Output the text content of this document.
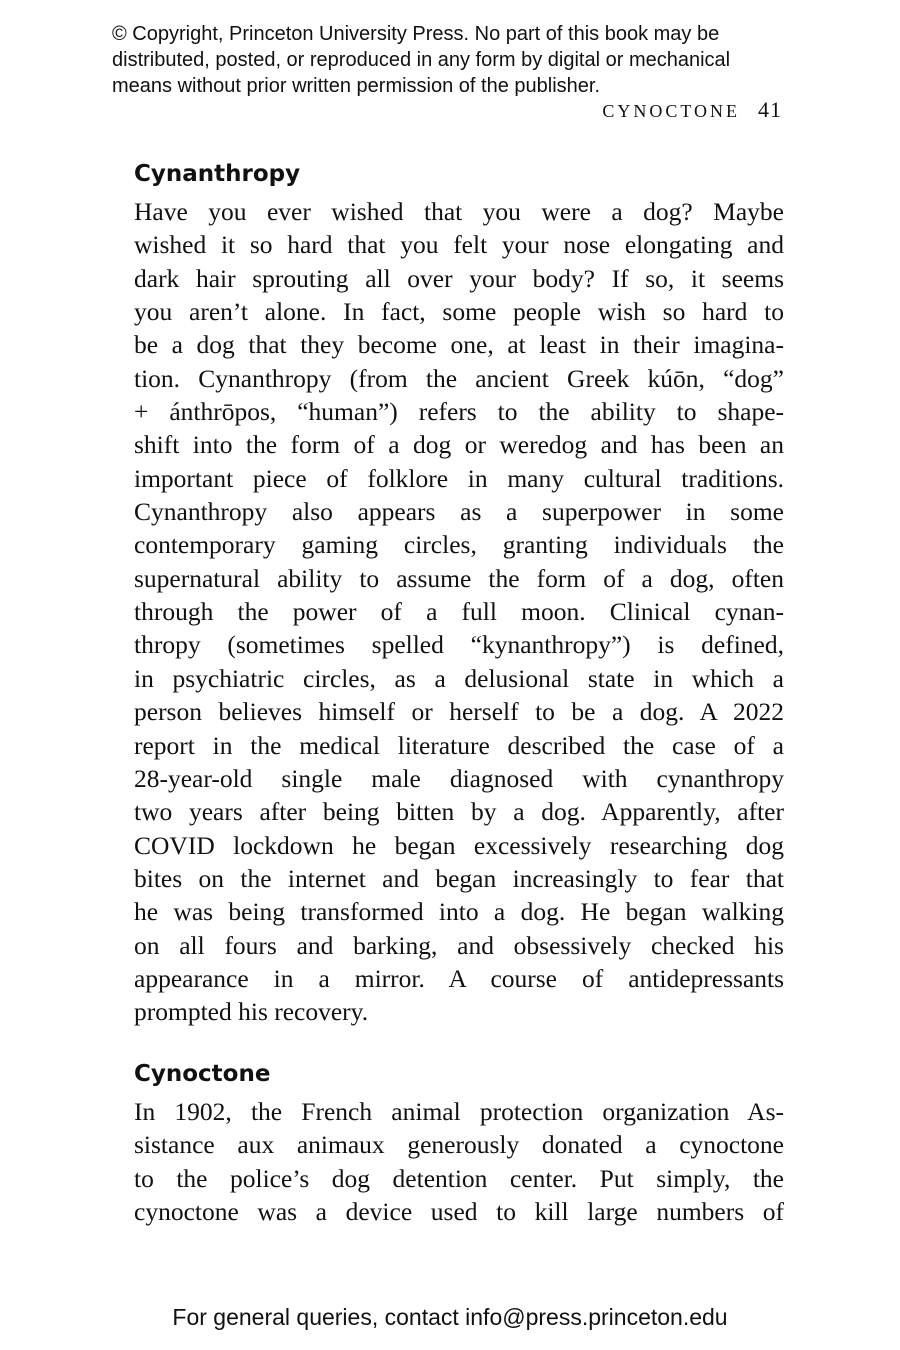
© Copyright, Princeton University Press. No part of this book may be
distributed, posted, or reproduced in any form by digital or mechanical
means without prior written permission of the publisher.
CYNOCTONE 41
Cynanthropy
Have you ever wished that you were a dog? Maybe
wished it so hard that you felt your nose elongating and
dark hair sprouting all over your body? If so, it seems
you aren’t alone. In fact, some people wish so hard to
be a dog that they become one, at least in their imagina-
tion. Cynanthropy (from the ancient Greek kúōn, “dog”
+ ánthrōpos, “human”) refers to the ability to shape-
shift into the form of a dog or weredog and has been an
important piece of folklore in many cultural traditions.
Cynanthropy also appears as a superpower in some
contemporary gaming circles, granting individuals the
supernatural ability to assume the form of a dog, often
through the power of a full moon. Clinical cynan-
thropy (sometimes spelled “kynanthropy”) is defined,
in psychiatric circles, as a delusional state in which a
person believes himself or herself to be a dog. A 2022
report in the medical literature described the case of a
28-year-old single male diagnosed with cynanthropy
two years after being bitten by a dog. Apparently, after
COVID lockdown he began excessively researching dog
bites on the internet and began increasingly to fear that
he was being transformed into a dog. He began walking
on all fours and barking, and obsessively checked his
appearance in a mirror. A course of antidepressants
prompted his recovery.
Cynoctone
In 1902, the French animal protection organization As-
sistance aux animaux generously donated a cynoctone
to the police’s dog detention center. Put simply, the
cynoctone was a device used to kill large numbers of
For general queries, contact info@press.princeton.edu
